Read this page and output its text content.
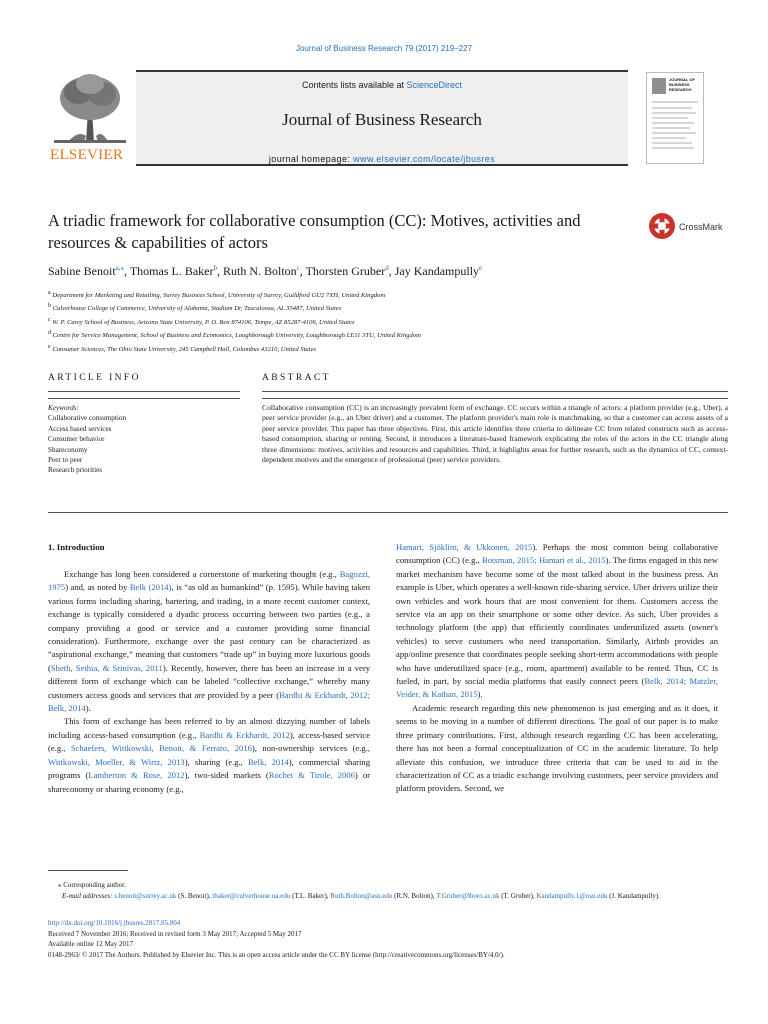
Journal of Business Research 79 (2017) 219–227
ELSEVIER
Contents lists available at ScienceDirect
Journal of Business Research
journal homepage: www.elsevier.com/locate/jbusres
JOURNAL OF BUSINESS RESEARCH
A triadic framework for collaborative consumption (CC): Motives, activities and resources & capabilities of actors
CrossMark
Sabine Benoit$^{a,⁎}$, Thomas L. Baker$^b$, Ruth N. Bolton$^c$, Thorsten Gruber$^d$, Jay Kandampully$^e$
$^a$ Department for Marketing and Retailing, Surrey Business School, University of Surrey, Guildford GU2 7XH, United Kingdom
$^b$ Culverhouse College of Commerce, University of Alabama, Stadium Dr, Tuscaloosa, AL 35487, United States
$^c$ W. P. Carey School of Business, Arizona State University, P. O. Box 874106, Tempe, AZ 85287-4106, United States
$^d$ Centre for Service Management, School of Business and Economics, Loughborough University, Loughborough LE11 3TU, United Kingdom
$^e$ Consumer Sciences, The Ohio State University, 245 Campbell Hall, Columbus 43210, United States
ARTICLE INFO	ABSTRACT
Keywords:
Collaborative consumption
Access based services
Consumer behavior
Shareconomy
Peer to peer
Research priorities
Collaborative consumption (CC) is an increasingly prevalent form of exchange. CC occurs within a triangle of actors: a platform provider (e.g., Uber), a peer service provider (e.g., an Uber driver) and a customer. The platform provider's main role is matchmaking, so that a customer can access assets of a peer service provider. This paper has three objectives. First, this article identifies three criteria to delineate CC from related constructs such as access-based consumption, sharing or renting. Second, it introduces a literature-based framework explicating the roles of the actors in the CC triangle along three dimensions: motives, activities and resources and capabilities. Third, it highlights areas for further research, such as the dynamics of CC, context-dependent motives and the emergence of professional (peer) service providers.
1. Introduction

Exchange has long been considered a cornerstone of marketing thought (e.g., Bagozzi, 1975) and, as noted by Belk (2014), is “as old as humankind” (p. 1595). While having taken various forms including sharing, bartering, and trading, in a more recent customer context, exchange is typically considered a dyadic process occurring between two parties (e.g., a company providing a good or service and a customer providing some financial consideration). Furthermore, exchange over the past century can be characterized as “aspirational exchange,” meaning that customers “trade up” in buying more luxurious goods (Sheth, Sethia, & Srinivas, 2011). Recently, however, there has been an increase in a very different form of exchange which can be labeled “collective exchange,” whereby many customers access goods and services that are provided by a peer (Bardhi & Eckhardt, 2012; Belk, 2014).

This form of exchange has been referred to by an almost dizzying number of labels including access-based consumption (e.g., Bardhi & Eckhardt, 2012), access-based service (e.g., Schaefers, Wittkowski, Benoit, & Ferraro, 2016), non-ownership services (e.g., Wittkowski, Moeller, & Wirtz, 2013), sharing (e.g., Belk, 2014), commercial sharing programs (Lamberton & Rose, 2012), two-sided markets (Rochet & Tirole, 2006) or shareconomy or sharing economy (e.g.,

Hamari, Sjöklint, & Ukkonen, 2015). Perhaps the most common being collaborative consumption (CC) (e.g., Botsman, 2015; Hamari et al., 2015). The firms engaged in this new market mechanism have become some of the most talked about in the business press. An example is Uber, which operates a well-known ride-sharing service. Uber drivers utilize their own vehicles and work hours that are most convenient for them. Customers access the service via an app on their smartphone or some other device. As such, Uber provides a technology platform (the app) that efficiently coordinates underutilized assets (owner's vehicles) to serve customers who need transportation. Similarly, Airbnb provides an app/online presence that coordinates people seeking short-term accommodations with people who have underutilized space (e.g., room, apartment) available to be rented. Thus, CC is fueled, in part, by social media platforms that easily connect peers (Belk, 2014; Matzler, Veider, & Kathan, 2015).

Academic research regarding this new phenomenon is just emerging and as it does, it seems to be moving in a number of different directions. The goal of our paper is to make three primary contributions. First, although research regarding CC has been accelerating, there has not been a formal conceptualization of CC in the academic literature. To help alleviate this confusion, we introduce three criteria that can be used to aid in the characterization of CC as a triadic exchange involving customers, peer service providers and platform providers. Second, we

⁎ Corresponding author.
E-mail addresses: s.benoit@surrey.ac.uk (S. Benoit), tbaker@culverhouse.ua.edu (T.L. Baker), Ruth.Bolton@asu.edu (R.N. Bolton), T.Gruber@lboro.ac.uk (T. Gruber), Kandampully.1@osu.edu (J. Kandampully).
http://dx.doi.org/10.1016/j.jbusres.2017.05.004
Received 7 November 2016; Received in revised form 3 May 2017; Accepted 5 May 2017
Available online 12 May 2017
0148-2963/ © 2017 The Authors. Published by Elsevier Inc. This is an open access article under the CC BY license (http://creativecommons.org/licenses/BY/4.0/).
